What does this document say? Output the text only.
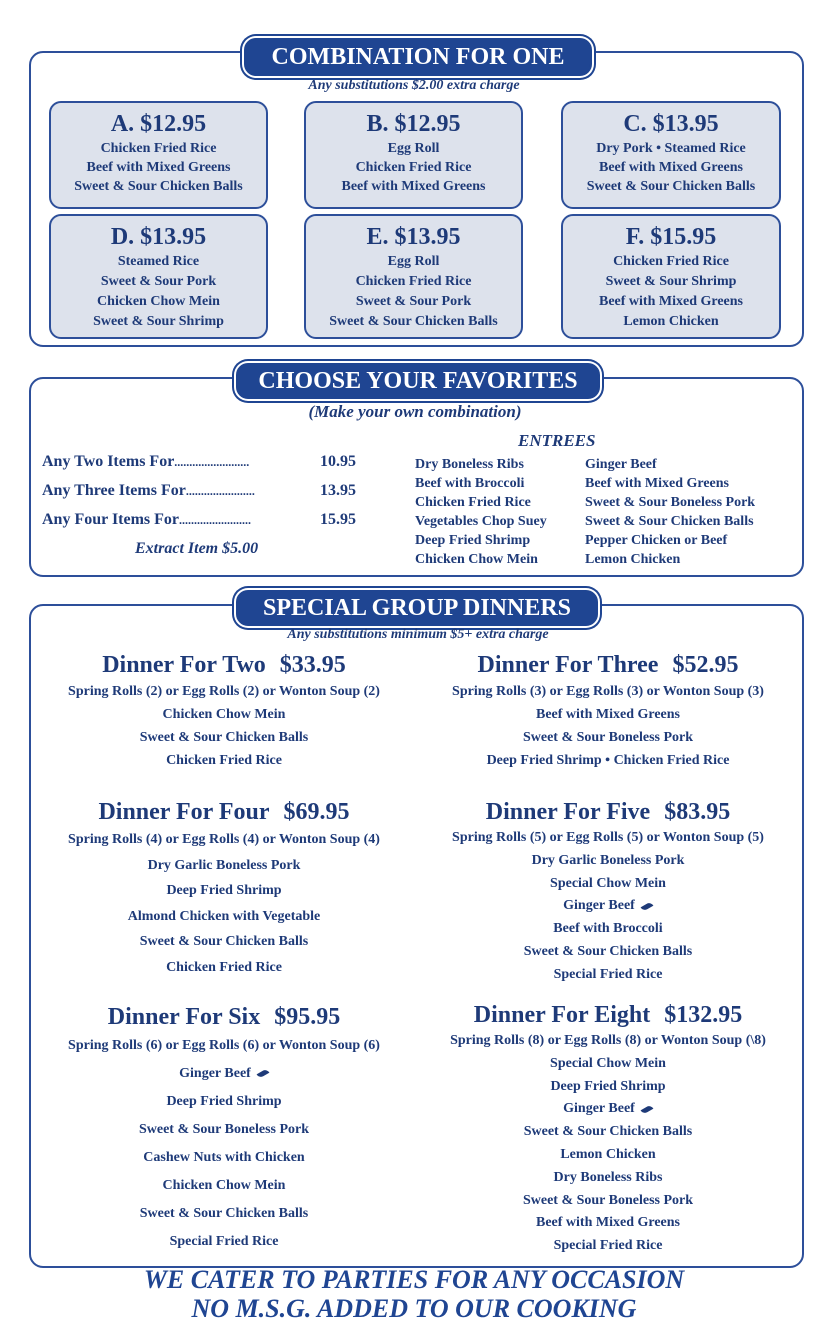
COMBINATION FOR ONE
Any substitutions $2.00 extra charge
A. $12.95
Chicken Fried Rice
Beef with Mixed Greens
Sweet & Sour Chicken Balls
B. $12.95
Egg Roll
Chicken Fried Rice
Beef with Mixed Greens
C. $13.95
Dry Pork • Steamed Rice
Beef with Mixed Greens
Sweet & Sour Chicken Balls
D. $13.95
Steamed Rice
Sweet & Sour Pork
Chicken Chow Mein
Sweet & Sour Shrimp
E. $13.95
Egg Roll
Chicken Fried Rice
Sweet & Sour Pork
Sweet & Sour Chicken Balls
F. $15.95
Chicken Fried Rice
Sweet & Sour Shrimp
Beef with Mixed Greens
Lemon Chicken
CHOOSE YOUR FAVORITES
(Make your own combination)
Any Two Items For.........................	10.95
Any Three Items For.......................	13.95
Any Four Items For........................	15.95
Extract Item $5.00
ENTREES
Dry Boneless Ribs
Beef with Broccoli
Chicken Fried Rice
Vegetables Chop Suey
Deep Fried Shrimp
Chicken Chow Mein
Ginger Beef
Beef with Mixed Greens
Sweet & Sour Boneless Pork
Sweet & Sour Chicken Balls
Pepper Chicken or Beef
Lemon Chicken
SPECIAL GROUP DINNERS
Any substitutions minimum $5+ extra charge
Dinner For Two $33.95
Spring Rolls (2) or Egg Rolls (2) or Wonton Soup (2)
Chicken Chow Mein
Sweet & Sour Chicken Balls
Chicken Fried Rice
Dinner For Three $52.95
Spring Rolls (3) or Egg Rolls (3) or Wonton Soup (3)
Beef with Mixed Greens
Sweet & Sour Boneless Pork
Deep Fried Shrimp • Chicken Fried Rice
Dinner For Four $69.95
Spring Rolls (4) or Egg Rolls (4) or Wonton Soup (4)
Dry Garlic Boneless Pork
Deep Fried Shrimp
Almond Chicken with Vegetable
Sweet & Sour Chicken Balls
Chicken Fried Rice
Dinner For Five $83.95
Spring Rolls (5) or Egg Rolls (5) or Wonton Soup (5)
Dry Garlic Boneless Pork
Special Chow Mein
Ginger Beef
Beef with Broccoli
Sweet & Sour Chicken Balls
Special Fried Rice
Dinner For Six $95.95
Spring Rolls (6) or Egg Rolls (6) or Wonton Soup (6)
Ginger Beef
Deep Fried Shrimp
Sweet & Sour Boneless Pork
Cashew Nuts with Chicken
Chicken Chow Mein
Sweet & Sour Chicken Balls
Special Fried Rice
Dinner For Eight $132.95
Spring Rolls (8) or Egg Rolls (8) or Wonton Soup (\8)
Special Chow Mein
Deep Fried Shrimp
Ginger Beef
Sweet & Sour Chicken Balls
Lemon Chicken
Dry Boneless Ribs
Sweet & Sour Boneless Pork
Beef with Mixed Greens
Special Fried Rice
WE CATER TO PARTIES FOR ANY OCCASION
NO M.S.G. ADDED TO OUR COOKING
